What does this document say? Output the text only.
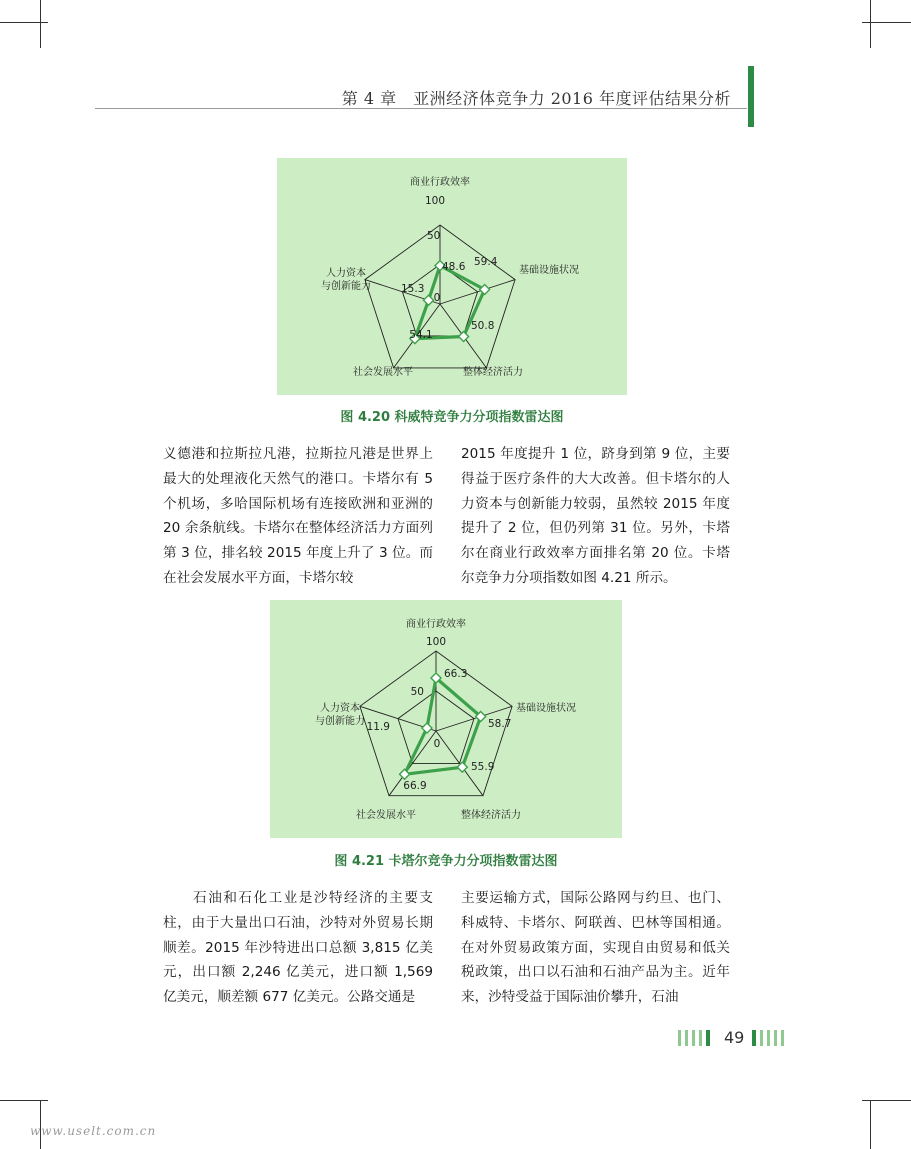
第 4 章　亚洲经济体竞争力 2016 年度评估结果分析
100
50
0
48.6 59.4
50.8
54.1
15.3
商业行政效率
基础设施状况
整体经济活力
社会发展水平
人力资本
与创新能力
图 4.20 科威特竞争力分项指数雷达图

义德港和拉斯拉凡港，拉斯拉凡港是世界上最大的处理液化天然气的港口。卡塔尔有 5 个机场，多哈国际机场有连接欧洲和亚洲的 20 余条航线。卡塔尔在整体经济活力方面列第 3 位，排名较 2015 年度上升了 3 位。而在社会发展水平方面，卡塔尔较

2015 年度提升 1 位，跻身到第 9 位，主要得益于医疗条件的大大改善。但卡塔尔的人力资本与创新能力较弱，虽然较 2015 年度提升了 2 位，但仍列第 31 位。另外，卡塔尔在商业行政效率方面排名第 20 位。卡塔尔竞争力分项指数如图 4.21 所示。

100
50
0
66.3
58.7
55.9
66.9
11.9
商业行政效率
基础设施状况
整体经济活力
社会发展水平
人力资本
与创新能力
图 4.21 卡塔尔竞争力分项指数雷达图

　　石油和石化工业是沙特经济的主要支柱，由于大量出口石油，沙特对外贸易长期顺差。2015 年沙特进出口总额 3,815 亿美元，出口额 2,246 亿美元，进口额 1,569 亿美元，顺差额 677 亿美元。公路交通是

主要运输方式，国际公路网与约旦、也门、科威特、卡塔尔、阿联酋、巴林等国相通。在对外贸易政策方面，实现自由贸易和低关税政策，出口以石油和石油产品为主。近年来，沙特受益于国际油价攀升，石油

49
www.uselt.com.cn
